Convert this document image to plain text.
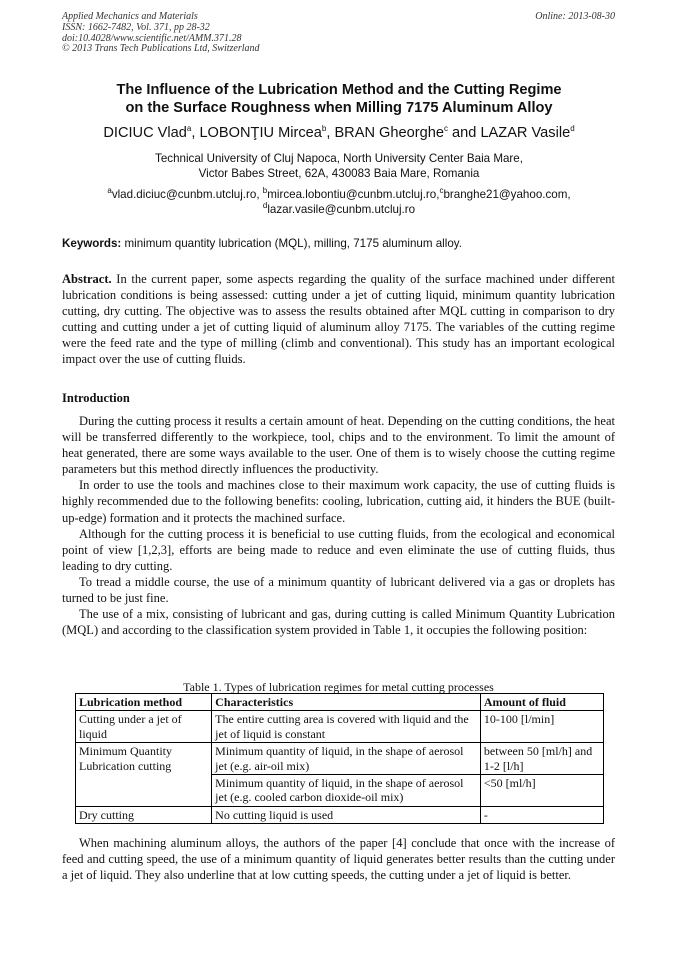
Applied Mechanics and Materials
ISSN: 1662-7482, Vol. 371, pp 28-32
doi:10.4028/www.scientific.net/AMM.371.28
© 2013 Trans Tech Publications Ltd, Switzerland
Online: 2013-08-30
The Influence of the Lubrication Method and the Cutting Regime
on the Surface Roughness when Milling 7175 Aluminum Alloy
DICIUC Vlad$^a$, LOBONŢIU Mircea$^b$, BRAN Gheorghe$^c$ and LAZAR Vasile$^d$
Technical University of Cluj Napoca, North University Center Baia Mare,
Victor Babes Street, 62A, 430083 Baia Mare, Romania
$^a$vlad.diciuc@cunbm.utcluj.ro, $^b$mircea.lobontiu@cunbm.utcluj.ro,$^c$branghe21@yahoo.com,
$^d$lazar.vasile@cunbm.utcluj.ro
Keywords: minimum quantity lubrication (MQL), milling, 7175 aluminum alloy.

Abstract. In the current paper, some aspects regarding the quality of the surface machined under different lubrication conditions is being assessed: cutting under a jet of cutting liquid, minimum quantity lubrication cutting, dry cutting. The objective was to assess the results obtained after MQL cutting in comparison to dry cutting and cutting under a jet of cutting liquid of aluminum alloy 7175. The variables of the cutting regime were the feed rate and the type of milling (climb and conventional). This study has an important ecological impact over the use of cutting fluids.

Introduction

During the cutting process it results a certain amount of heat. Depending on the cutting conditions, the heat will be transferred differently to the workpiece, tool, chips and to the environment. To limit the amount of heat generated, there are some ways available to the user. One of them is to wisely choose the cutting regime parameters but this method directly influences the productivity.

In order to use the tools and machines close to their maximum work capacity, the use of cutting fluids is highly recommended due to the following benefits: cooling, lubrication, cutting aid, it hinders the BUE (built-up-edge) formation and it protects the machined surface.

Although for the cutting process it is beneficial to use cutting fluids, from the ecological and economical point of view [1,2,3], efforts are being made to reduce and even eliminate the use of cutting fluids, thus leading to dry cutting.

To tread a middle course, the use of a minimum quantity of lubricant delivered via a gas or droplets has turned to be just fine.

The use of a mix, consisting of lubricant and gas, during cutting is called Minimum Quantity Lubrication (MQL) and according to the classification system provided in Table 1, it occupies the following position:

Table 1. Types of lubrication regimes for metal cutting processes
Lubrication method	Characteristics	Amount of fluid
Cutting under a jet of liquid	The entire cutting area is covered with liquid and the jet of liquid is constant	10-100 [l/min]
Minimum Quantity Lubrication cutting	Minimum quantity of liquid, in the shape of aerosol jet (e.g. air-oil mix)	between 50 [ml/h] and 1-2 [l/h]
	Minimum quantity of liquid, in the shape of aerosol jet (e.g. cooled carbon dioxide-oil mix)	<50 [ml/h]
Dry cutting	No cutting liquid is used	-

When machining aluminum alloys, the authors of the paper [4] conclude that once with the increase of feed and cutting speed, the use of a minimum quantity of liquid generates better results than the cutting under a jet of liquid. They also underline that at low cutting speeds, the cutting under a jet of liquid is better.
